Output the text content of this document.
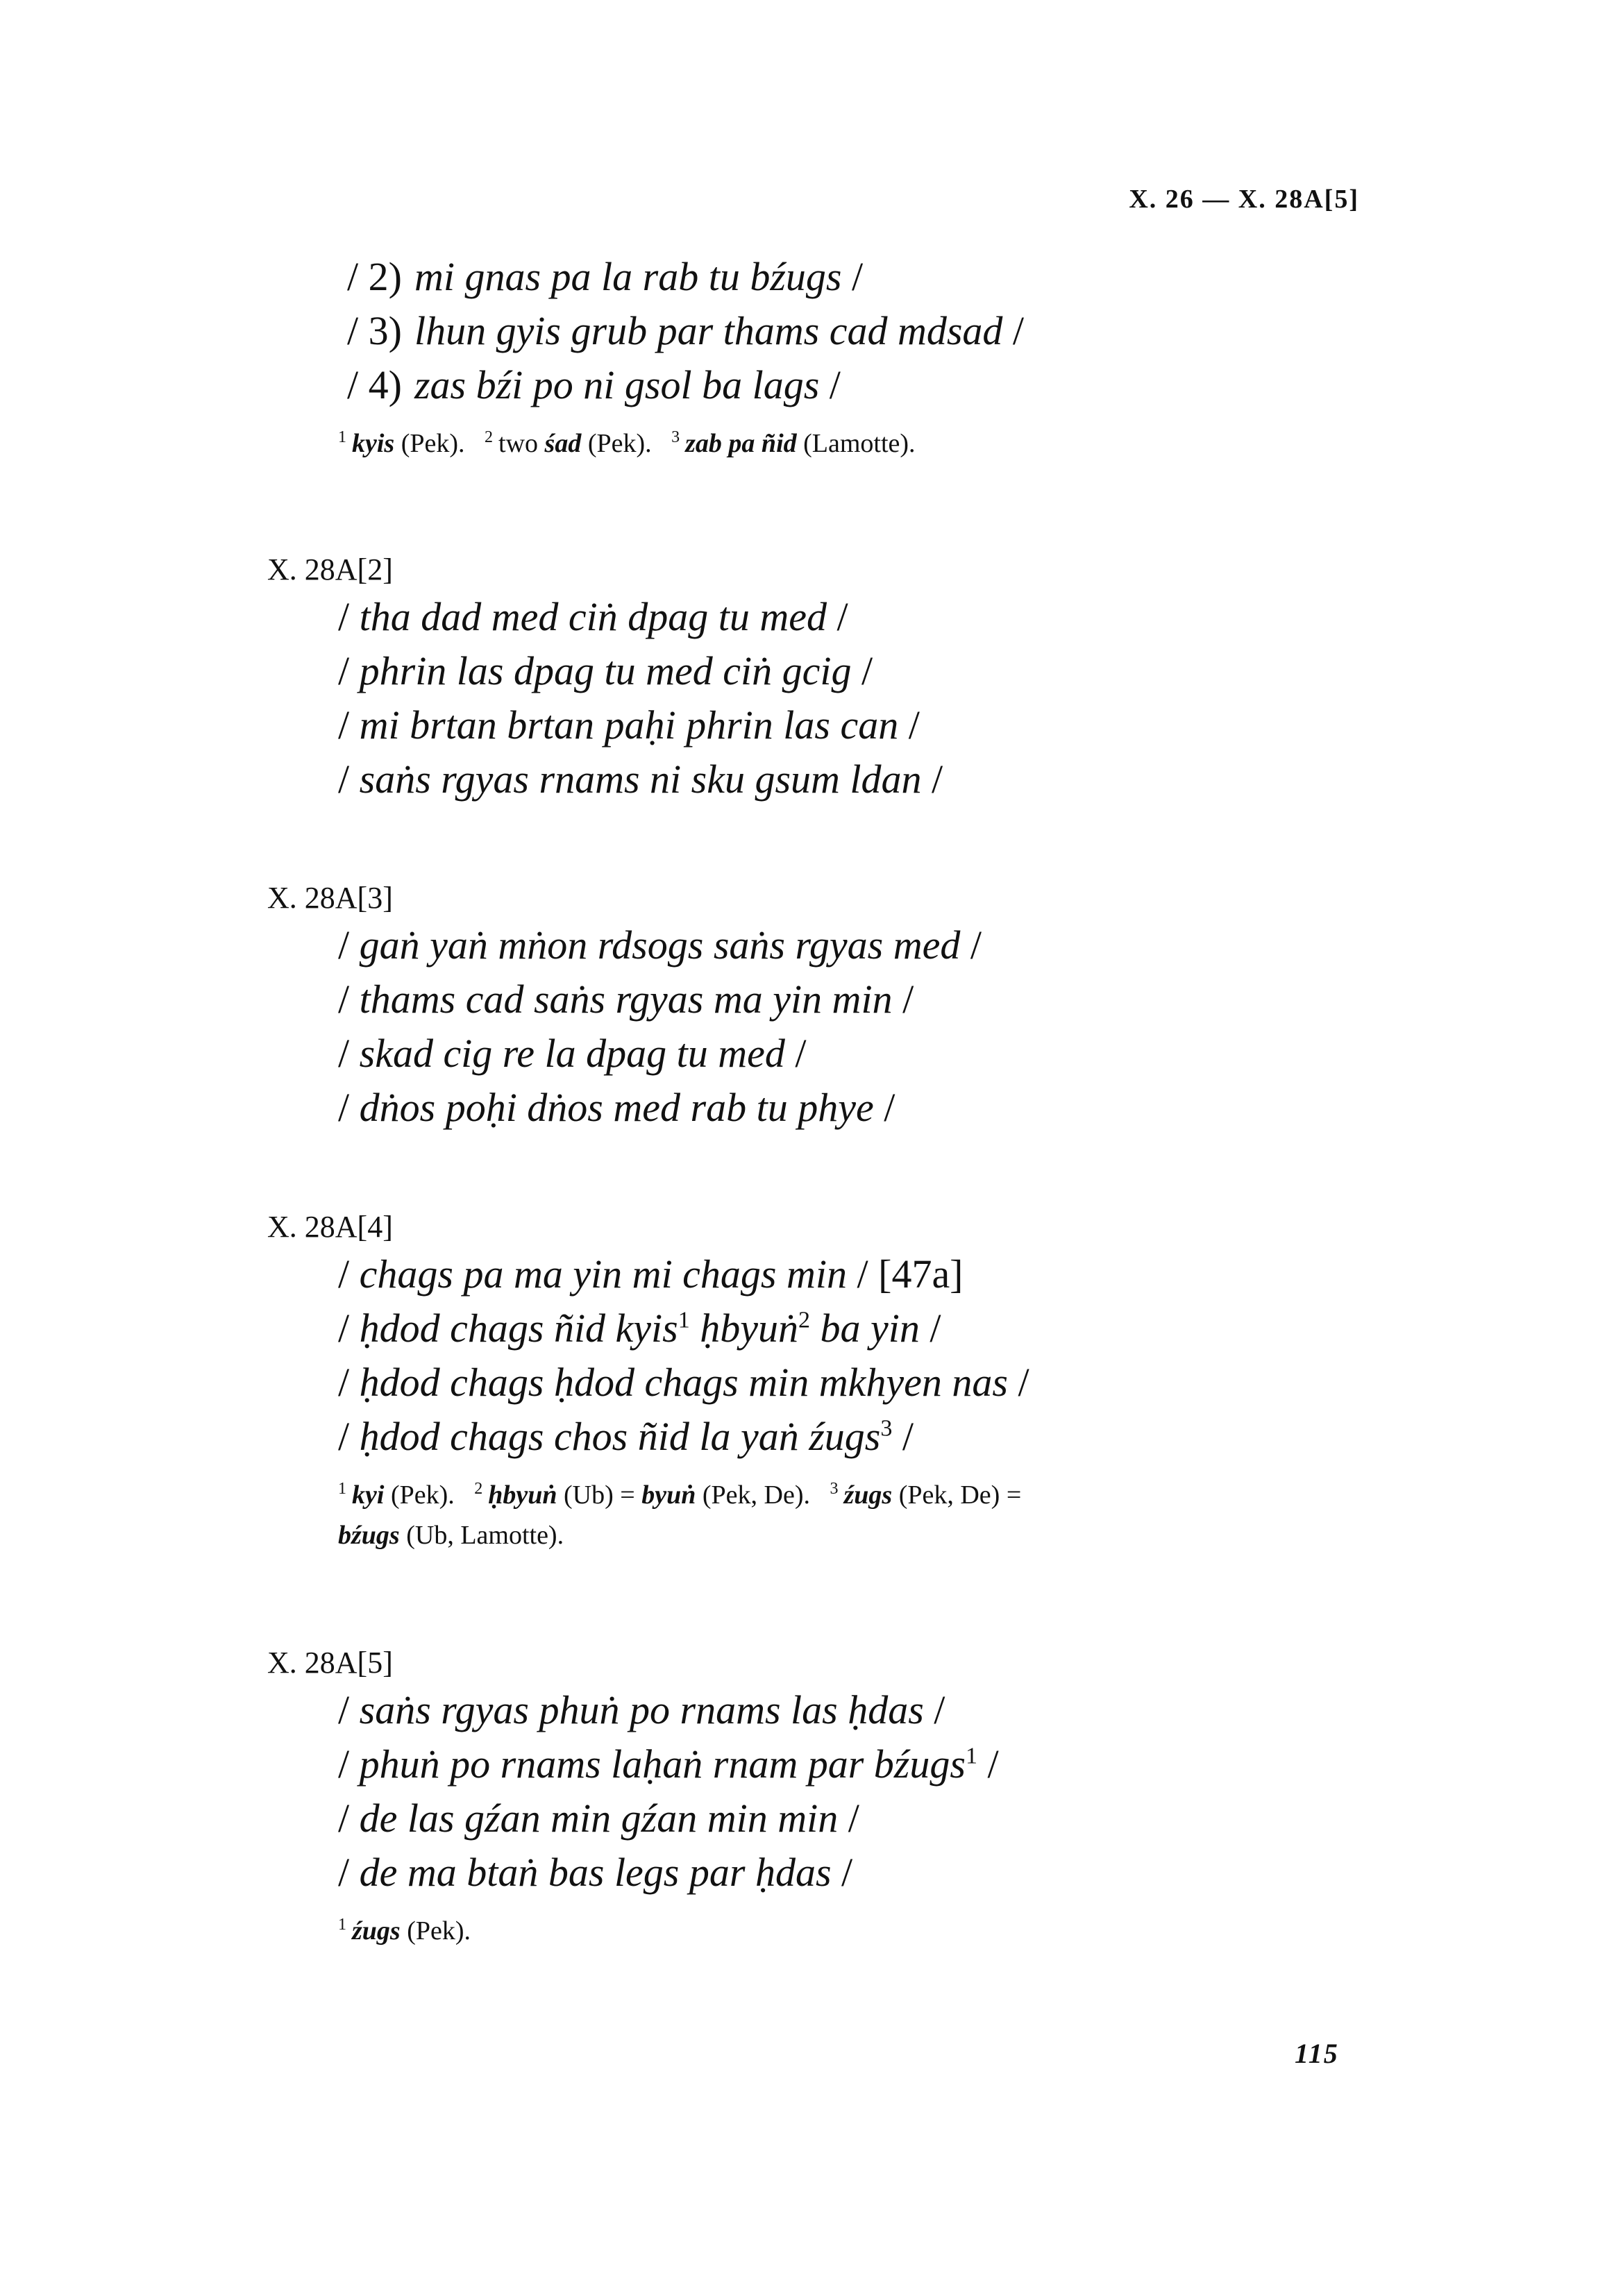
X. 26 — X. 28A[5]
/ 2) mi gnas pa la rab tu bźugs /
/ 3) lhun gyis grub par thams cad mdsad /
/ 4) zas bźi po ni gsol ba lags /
$^1$ kyis (Pek). $^2$ two śad (Pek). $^3$ zab pa ñid (Lamotte).
X. 28A[2]
/ tha dad med ciṅ dpag tu med /
/ phrin las dpag tu med ciṅ gcig /
/ mi brtan brtan paḥi phrin las can /
/ saṅs rgyas rnams ni sku gsum ldan /
X. 28A[3]
/ gaṅ yaṅ mṅon rdsogs saṅs rgyas med /
/ thams cad saṅs rgyas ma yin min /
/ skad cig re la dpag tu med /
/ dṅos poḥi dṅos med rab tu phye /
X. 28A[4]
/ chags pa ma yin mi chags min / [47a]
/ ḥdod chags ñid kyis$^1$ ḥbyuṅ$^2$ ba yin /
/ ḥdod chags ḥdod chags min mkhyen nas /
/ ḥdod chags chos ñid la yaṅ źugs$^3$ /
$^1$ kyi (Pek). $^2$ ḥbyuṅ (Ub) = byuṅ (Pek, De). $^3$ źugs (Pek, De) =
bźugs (Ub, Lamotte).
X. 28A[5]
/ saṅs rgyas phuṅ po rnams las ḥdas /
/ phuṅ po rnams laḥaṅ rnam par bźugs$^1$ /
/ de las gźan min gźan min min /
/ de ma btaṅ bas legs par ḥdas /
$^1$ źugs (Pek).
115
